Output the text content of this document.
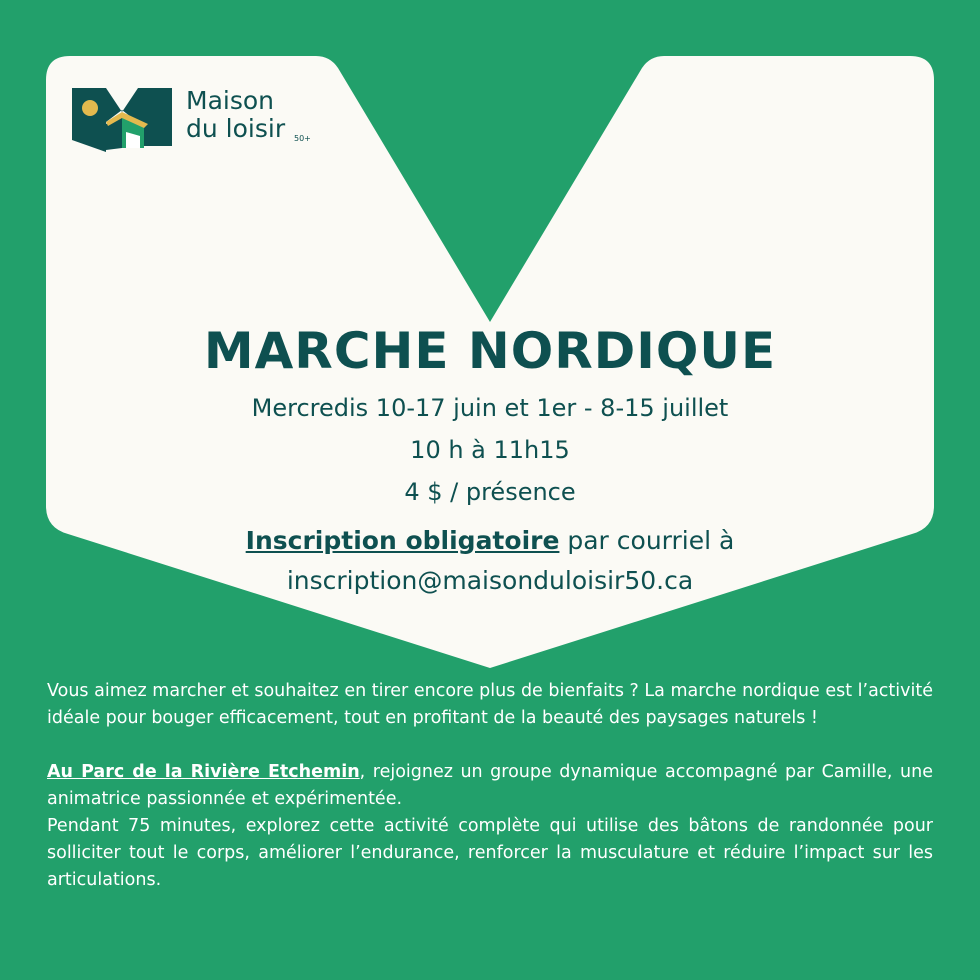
Maison
du loisir 50+
MARCHE NORDIQUE
Mercredis 10-17 juin et 1er - 8-15 juillet
10 h à 11h15
4 $ / présence
Inscription obligatoire par courriel à
inscription@maisonduloisir50.ca

Vous aimez marcher et souhaitez en tirer encore plus de bienfaits ? La marche nordique est l’activité idéale pour bouger efficacement, tout en profitant de la beauté des paysages naturels !

Au Parc de la Rivière Etchemin, rejoignez un groupe dynamique accompagné par Camille, une animatrice passionnée et expérimentée.

Pendant 75 minutes, explorez cette activité complète qui utilise des bâtons de randonnée pour solliciter tout le corps, améliorer l’endurance, renforcer la musculature et réduire l’impact sur les articulations.
